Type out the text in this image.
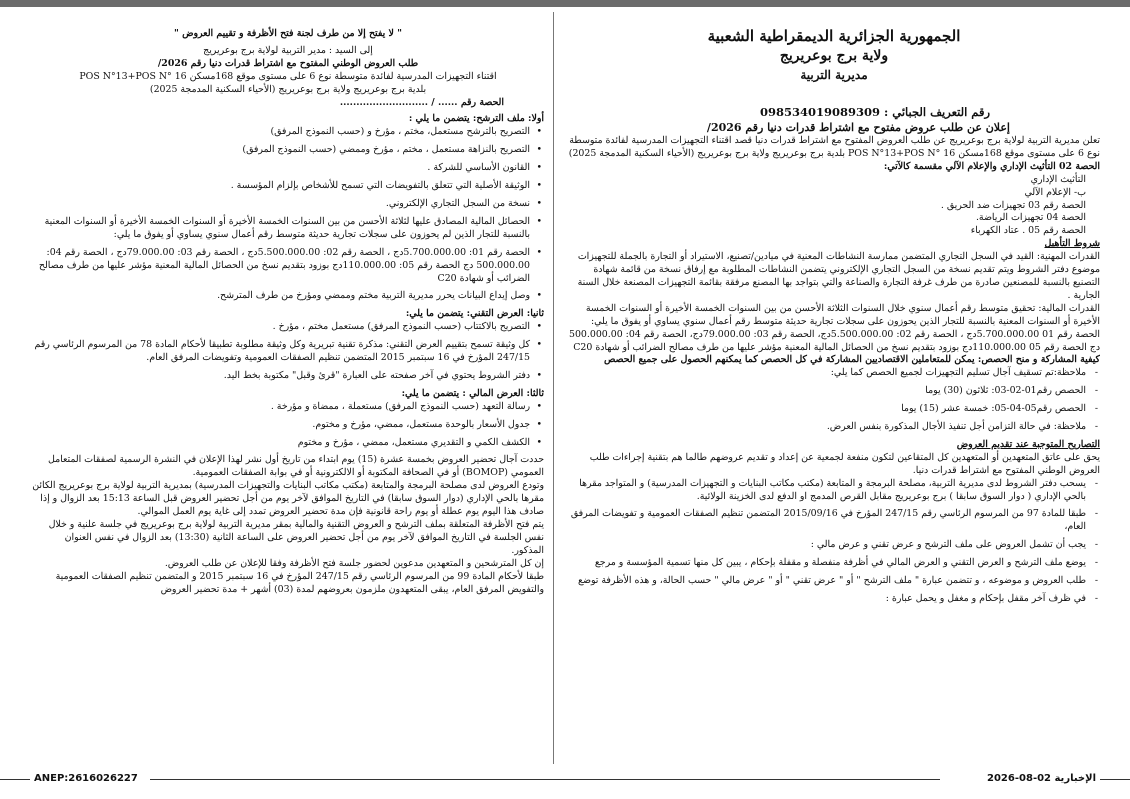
الجمهورية الجزائرية الديمقراطية الشعبية
ولاية برج بوعريريج
مديرية التربية
رقم التعريف الجبائي : 098534019089309
إعلان عن طلب عروض مفتوح مع اشتراط قدرات دنيا رقم 2026/

تعلن مديرية التربية لولاية برج بوعريريج عن طلب العروض المفتوح مع اشتراط قدرات دنيا قصد اقتناء التجهيزات المدرسية لفائدة متوسطة نوع 6 على مستوى موقع 168مسكن POS N°13+POS N° 16 بلدية برج بوعريريج ولاية برج بوعريريج (الأحياء السكنية المدمجة 2025)

الحصة 02 التأثيث الإداري والإعلام الآلي مقسمة كالآتي:

التأثيث الإداري

ب- الإعلام الآلي

الحصة رقم 03 تجهيزات ضد الحريق .

الحصة 04 تجهيزات الرياضة.

الحصة رقم 05 . عتاد الكهرباء

شروط التأهيل

القدرات المهنية: القيد في السجل التجاري المتضمن ممارسة النشاطات المعنية في ميادين/تصنيع، الاستيراد أو التجارة بالجملة للتجهيزات موضوع دفتر الشروط ويتم تقديم نسخة من السجل التجاري الإلكتروني يتضمن النشاطات المطلوبة مع إرفاق نسخة من قائمة شهادة التصنيع بالنسبة للمصنعين صادرة من طرف غرفة التجارة والصناعة والتي بتواجد بها المصنع مرفقة بقائمة التجهيزات المصنعة خلال السنة الجارية .

القدرات المالية: تحقيق متوسط رقم أعمال سنوي خلال السنوات الثلاثة الأحسن من بين السنوات الخمسة الأخيرة أو السنوات الخمسة الأخيرة أو السنوات المعنية بالنسبة للتجار الذين يحوزون على سجلات تجارية حديثة متوسط رقم أعمال سنوي يساوي أو يفوق ما يلي: الحصة رقم 01 5.700.000.00دج ، الحصة رقم 02: 5.500.000.00دج، الحصة رقم 03: 79.000.00دج، الحصة رقم 04: 500.000.00 دج الحصة رقم 05 110.000.00دج بوزود بتقديم نسخ من الحصائل المالية المعنية مؤشر عليها من طرف مصالح الضرائب أو شهادة C20

كيفية المشاركة و منح الحصص: يمكن للمتعاملين الاقتصاديين المشاركة في كل الحصص كما يمكنهم الحصول على جميع الحصص

- ملاحظة:تم تسقيف آجال تسليم التجهيزات لجميع الحصص كما يلي:
- الحصص رقم01-02-03: ثلاثون (30) يوما
- الحصص رقم05-04-05: خمسة عشر (15) يوما
- ملاحظة: في حالة التزامن أجل تنفيذ الأجال المذكورة بنفس العرض.

التصاريح المتوجبة عند تقديم العروض

يحق على عاتق المتعهدين أو المتعهدين كل المتقاعين لتكون منفعة لجمعية عن إعداد و تقديم عروضهم طالما هم بتقنية إجراءات طلب العروض الوطني المفتوح مع اشتراط قدرات دنيا.

- يسحب دفتر الشروط لدى مديرية التربية، مصلحة البرمجة و المتابعة (مكتب مكاتب البنايات و التجهيزات المدرسية) و المتواجد مقرها بالحي الإداري ( دوار السوق سابقا ) برج بوعريريج مقابل القرص المدمج او الدفع لدى الخزينة الولائية.
- طبقا للمادة 97 من المرسوم الرئاسي رقم 247/15 المؤرخ في 2015/09/16 المتضمن تنظيم الصفقات العمومية و تفويضات المرفق العام،
- يجب أن تشمل العروض على ملف الترشح و عرض تقني و عرض مالي :
- يوضع ملف الترشح و العرض التقني و العرض المالي في أظرفة منفصلة و مقفلة بإحكام ، يبين كل منها تسمية المؤسسة و مرجع
- طلب العروض و موضوعه ، و تتضمن عبارة " ملف الترشح " أو " عرض تقني " أو " عرض مالي " حسب الحالة، و هذه الأظرفة توضع
- في ظرف آخر مقفل بإحكام و مغفل و يحمل عبارة :
" لا يفتح إلا من طرف لجنة فتح الأظرفة و تقييم العروض "

إلى السيد : مدير التربية لولاية برج بوعريريج

طلب العروض الوطني المفتوح مع اشتراط قدرات دنيا رقم 2026/

اقتناء التجهيزات المدرسية لفائدة متوسطة نوع 6 على مستوى موقع 168مسكن POS N°13+POS N° 16

بلدية برج بوعريريج ولاية برج بوعريريج (الأحياء السكنية المدمجة 2025)

الحصة رقم ...... / ...........................

أولا: ملف الترشح: يتضمن ما يلي :

• التصريح بالترشح مستعمل، مختم ، مؤرخ و (حسب النموذج المرفق)
• التصريح بالنزاهة مستعمل ، مختم ، مؤرخ وممضي (حسب النموذج المرفق)
• القانون الأساسي للشركة .
• الوثيقة الأصلية التي تتعلق بالتفويضات التي تسمح للأشخاص بإلزام المؤسسة .
• نسخة من السجل التجاري الإلكتروني.
• الحصائل المالية المصادق عليها لثلاثة الأحسن من بين السنوات الخمسة الأخيرة أو السنوات الخمسة الأخيرة أو السنوات المعنية بالنسبة للتجار الذين لم يحوزون على سجلات تجارية حديثة متوسط رقم أعمال سنوي يساوي أو يفوق ما يلي:
• الحصة رقم 01: 5.700.000.00دج ، الحصة رقم 02: 5.500.000.00دج ، الحصة رقم 03: 79.000.00دج ، الحصة رقم 04: 500.000.00 دج الحصة رقم 05: 110.000.00دج بوزود بتقديم نسخ من الحصائل المالية المعنية مؤشر عليها من طرف مصالح الضرائب أو شهادة C20
• وصل إيداع البيانات يحرر مديرية التربية مختم وممضي ومؤرخ من طرف المترشح.

ثانيا: العرض التقني: يتضمن ما يلي:

• التصريح بالاكتتاب (حسب النموذج المرفق) مستعمل مختم ، مؤرخ .
• كل وثيقة تسمح بتقييم العرض التقني: مذكرة تقنية تبريرية وكل وثيقة مطلوبة تطبيقا لأحكام المادة 78 من المرسوم الرئاسي رقم 247/15 المؤرخ في 16 سبتمبر 2015 المتضمن تنظيم الصفقات العمومية وتفويضات المرفق العام.
• دفتر الشروط يحتوي في آخر صفحته على العبارة "قرئ وقبل" مكتوبة بخط اليد.

ثالثا: العرض المالي : يتضمن ما يلي:

• رسالة التعهد (حسب النموذج المرفق) مستعملة ، ممضاة و مؤرخة .
• جدول الأسعار بالوحدة مستعمل، ممضي، مؤرخ و مختوم.
• الكشف الكمي و التقديري مستعمل، ممضي ، مؤرخ و مختوم

حددت آجال تحضير العروض بخمسة عشرة (15) يوم ابتداء من تاريخ أول نشر لهذا الإعلان في النشرة الرسمية لصفقات المتعامل العمومي (BOMOP) أو في الصحافة المكتوبة أو الالكترونية أو في بوابة الصفقات العمومية.

وتودع العروض لدى مصلحة البرمجة والمتابعة (مكتب مكاتب البنايات والتجهيزات المدرسية) بمديرية التربية لولاية برج بوعريريج الكائن مقرها بالحي الإداري (دوار السوق سابقا) في التاريخ الموافق لآخر يوم من أجل تحضير العروض قبل الساعة 15:13 بعد الزوال و إذا صادف هذا اليوم يوم عطلة أو يوم راحة قانونية فإن مدة تحضير العروض تمدد إلى غاية يوم العمل الموالي.

يتم فتح الأظرفة المتعلقة بملف الترشح و العروض التقنية والمالية بمقر مديرية التربية لولاية برج بوعريريج في جلسة علنية و خلال نفس الجلسة في التاريخ الموافق لآخر يوم من أجل تحضير العروض على الساعة الثانية (13:30) بعد الزوال في نفس العنوان المذكور.

إن كل المترشحين و المتعهدين مدعوين لحضور جلسة فتح الأظرفة وفقا للإعلان عن طلب العروض.

طبقا لأحكام المادة 99 من المرسوم الرئاسي رقم 247/15 المؤرخ في 16 سبتمبر 2015 و المتضمن تنظيم الصفقات العمومية والتفويض المرفق العام، يبقى المتعهدون ملزمون بعروضهم لمدة (03) أشهر + مدة تحضير العروض

ANEP:2616026227	الإخبارية 02-08-2026
